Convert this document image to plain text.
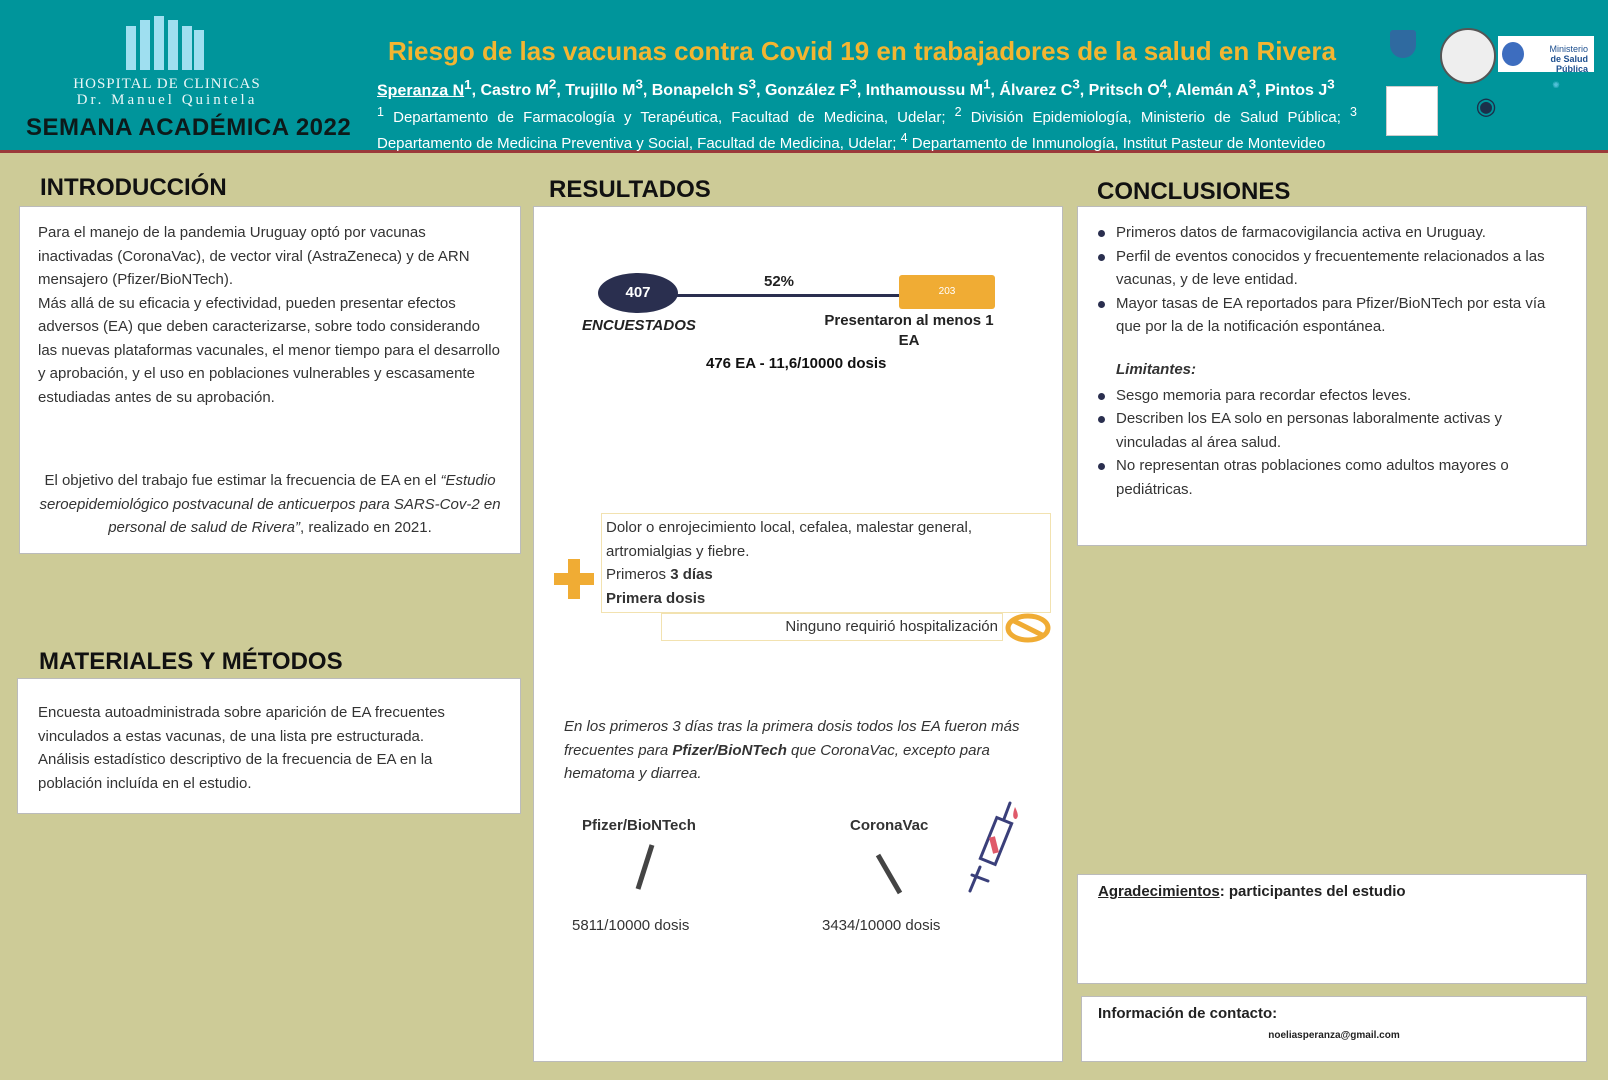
HOSPITAL DE CLINICAS
Dr. Manuel Quintela
SEMANA ACADÉMICA 2022
Riesgo de las vacunas contra Covid 19 en trabajadores de la salud en Rivera
Speranza $N^1$, Castro $M^2$, Trujillo $M^3$, Bonapelch $S^3$, González $F^3$, Inthamoussu $M^1$, Álvarez $C^3$, Pritsch $O^4$, Alemán $A^3$, Pintos $J^3$
$^1$ Departamento de Farmacología y Terapéutica, Facultad de Medicina, Udelar; $^2$ División Epidemiología, Ministerio de Salud Pública; $^3$ Departamento de Medicina Preventiva y Social, Facultad de Medicina, Udelar; $^4$ Departamento de Inmunología, Institut Pasteur de Montevideo
Ministerio
de Salud Pública
◉
✺
INTRODUCCIÓN
Para el manejo de la pandemia Uruguay optó por vacunas inactivadas (CoronaVac), de vector viral (AstraZeneca) y de ARN mensajero (Pfizer/BioNTech).
Más allá de su eficacia y efectividad, pueden presentar efectos adversos (EA) que deben caracterizarse, sobre todo considerando las nuevas plataformas vacunales, el menor tiempo para el desarrollo y aprobación, y el uso en poblaciones vulnerables y escasamente estudiadas antes de su aprobación.
El objetivo del trabajo fue estimar la frecuencia de EA en el “Estudio seroepidemiológico postvacunal de anticuerpos para SARS-Cov-2 en personal de salud de Rivera”, realizado en 2021.
MATERIALES Y MÉTODOS
Encuesta autoadministrada sobre aparición de EA frecuentes vinculados a estas vacunas, de una lista pre estructurada.
Análisis estadístico descriptivo de la frecuencia de EA en la población incluída en el estudio.
RESULTADOS
407
52%
203
ENCUESTADOS	Presentaron al menos 1 EA
476 EA - 11,6/10000 dosis
Dolor o enrojecimiento local, cefalea, malestar general, artromialgias y fiebre.
Primeros 3 días
Primera dosis
Ninguno requirió hospitalización
En los primeros 3 días tras la primera dosis todos los EA fueron más frecuentes para Pfizer/BioNTech que CoronaVac, excepto para hematoma y diarrea.
Pfizer/BioNTech
5811/10000 dosis
CoronaVac
3434/10000 dosis
CONCLUSIONES
Primeros datos de farmacovigilancia activa en Uruguay.
Perfil de eventos conocidos y frecuentemente relacionados a las vacunas, y de leve entidad.
Mayor tasas de EA reportados para Pfizer/BioNTech por esta vía que por la de la notificación espontánea.
Limitantes:
Sesgo memoria para recordar efectos leves.
Describen los EA solo en personas laboralmente activas y vinculadas al área salud.
No representan otras poblaciones como adultos mayores o pediátricas.
Agradecimientos: participantes del estudio
Información de contacto:
noeliasperanza@gmail.com
